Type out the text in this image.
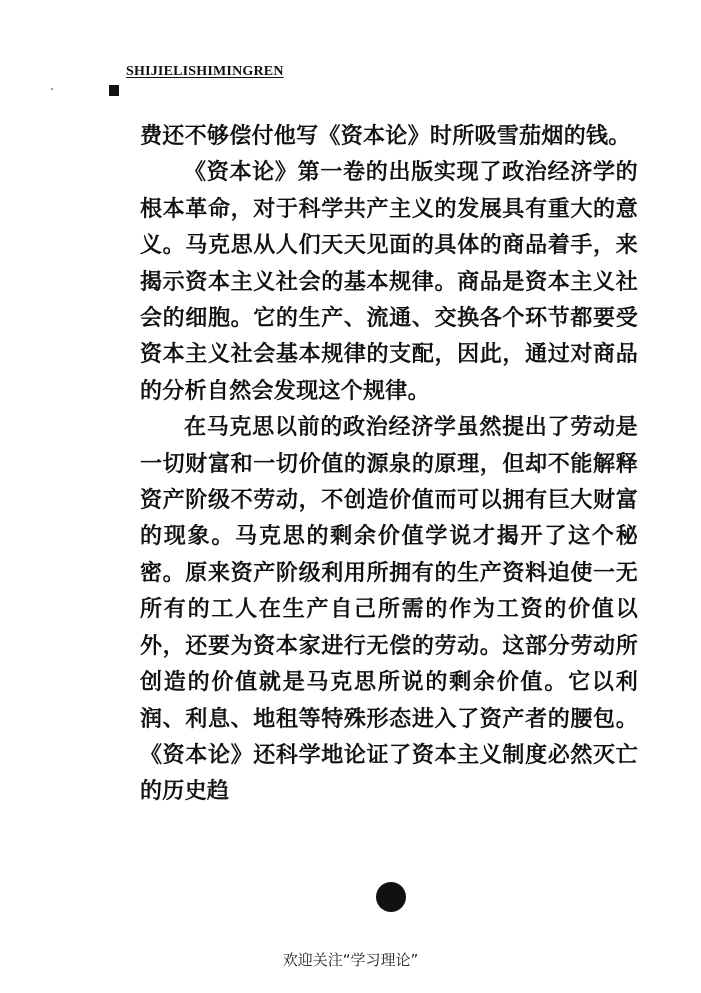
SHIJIELISHIMINGREN

费还不够偿付他写《资本论》时所吸雪茄烟的钱。

《资本论》第一卷的出版实现了政治经济学的根本革命，对于科学共产主义的发展具有重大的意义。马克思从人们天天见面的具体的商品着手，来揭示资本主义社会的基本规律。商品是资本主义社会的细胞。它的生产、流通、交换各个环节都要受资本主义社会基本规律的支配，因此，通过对商品的分析自然会发现这个规律。

在马克思以前的政治经济学虽然提出了劳动是一切财富和一切价值的源泉的原理，但却不能解释资产阶级不劳动，不创造价值而可以拥有巨大财富的现象。马克思的剩余价值学说才揭开了这个秘密。原来资产阶级利用所拥有的生产资料迫使一无所有的工人在生产自己所需的作为工资的价值以外，还要为资本家进行无偿的劳动。这部分劳动所创造的价值就是马克思所说的剩余价值。它以利润、利息、地租等特殊形态进入了资产者的腰包。《资本论》还科学地论证了资本主义制度必然灭亡的历史趋

欢迎关注“学习理论”
